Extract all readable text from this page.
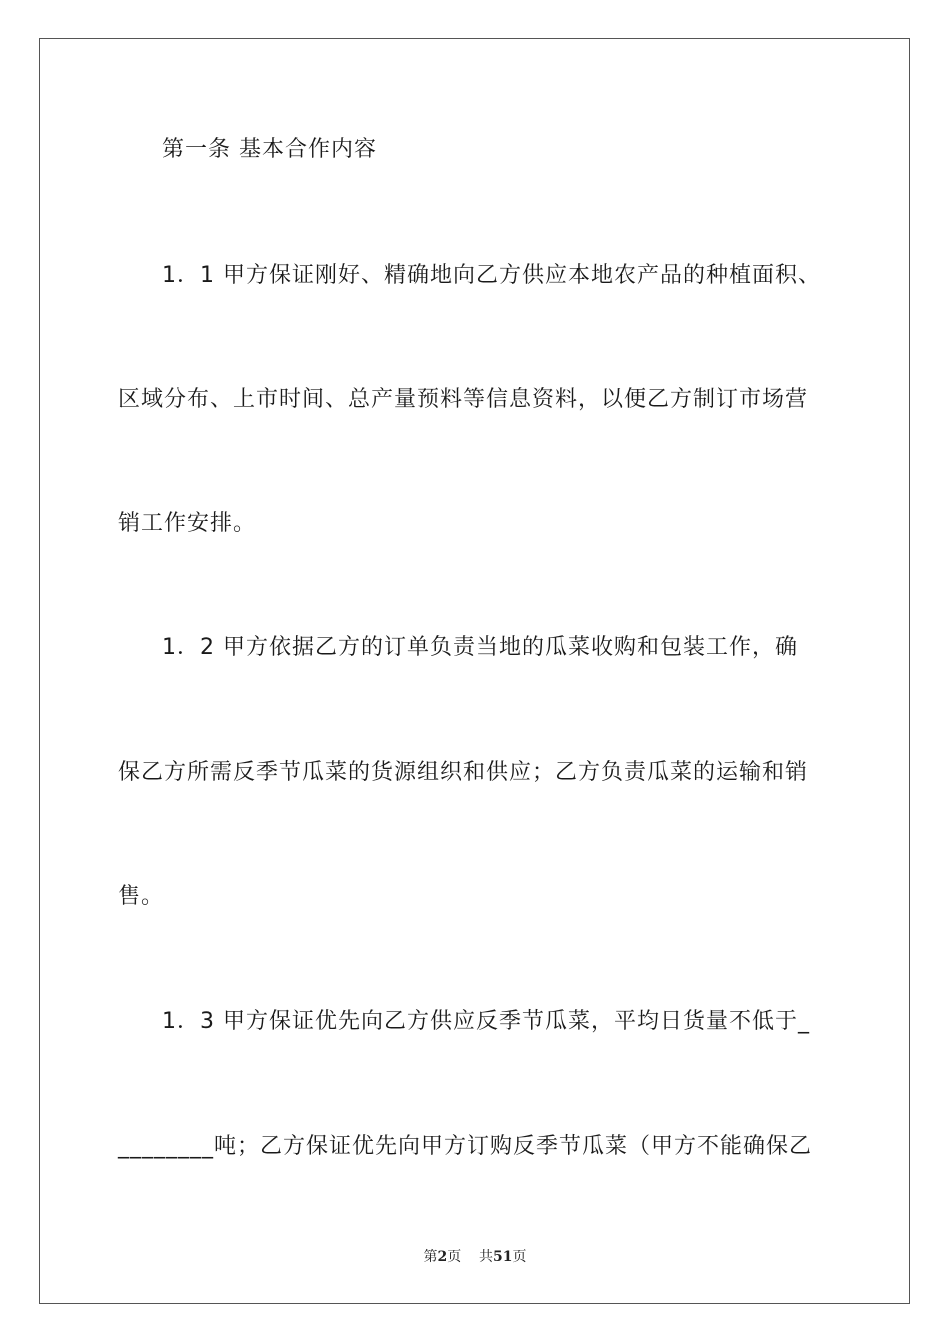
第一条 基本合作内容
1．1 甲方保证刚好、精确地向乙方供应本地农产品的种植面积、
区域分布、上市时间、总产量预料等信息资料，以便乙方制订市场营
销工作安排。
1．2 甲方依据乙方的订单负责当地的瓜菜收购和包装工作，确
保乙方所需反季节瓜菜的货源组织和供应；乙方负责瓜菜的运输和销
售。
1．3 甲方保证优先向乙方供应反季节瓜菜，平均日货量不低于_
________吨；乙方保证优先向甲方订购反季节瓜菜（甲方不能确保乙
第2页 共51页
